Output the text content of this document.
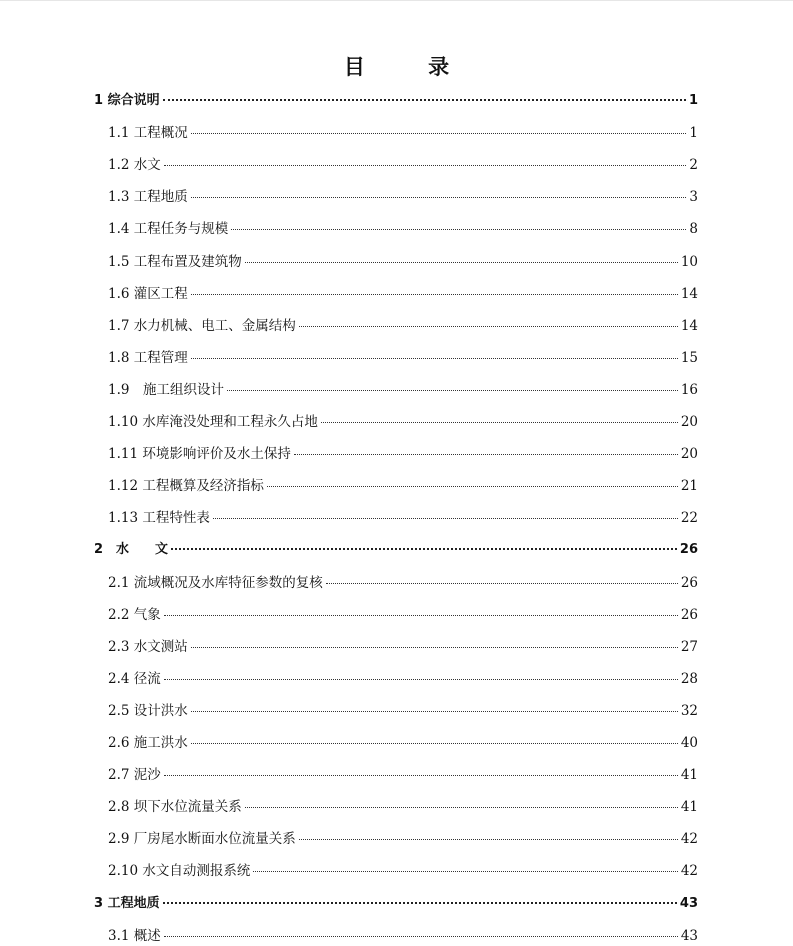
目 录
1 综合说明	1
1.1 工程概况	1
1.2 水文	2
1.3 工程地质	3
1.4 工程任务与规模	8
1.5 工程布置及建筑物	10
1.6 灌区工程	14
1.7 水力机械、电工、金属结构	14
1.8 工程管理	15
1.9　施工组织设计	16
1.10 水库淹没处理和工程永久占地	20
1.11 环境影响评价及水土保持	20
1.12 工程概算及经济指标	21
1.13 工程特性表	22
2　水　　文	26
2.1 流域概况及水库特征参数的复核	26
2.2 气象	26
2.3 水文测站	27
2.4 径流	28
2.5 设计洪水	32
2.6 施工洪水	40
2.7 泥沙	41
2.8 坝下水位流量关系	41
2.9 厂房尾水断面水位流量关系	42
2.10 水文自动测报系统	42
3 工程地质	43
3.1 概述	43
